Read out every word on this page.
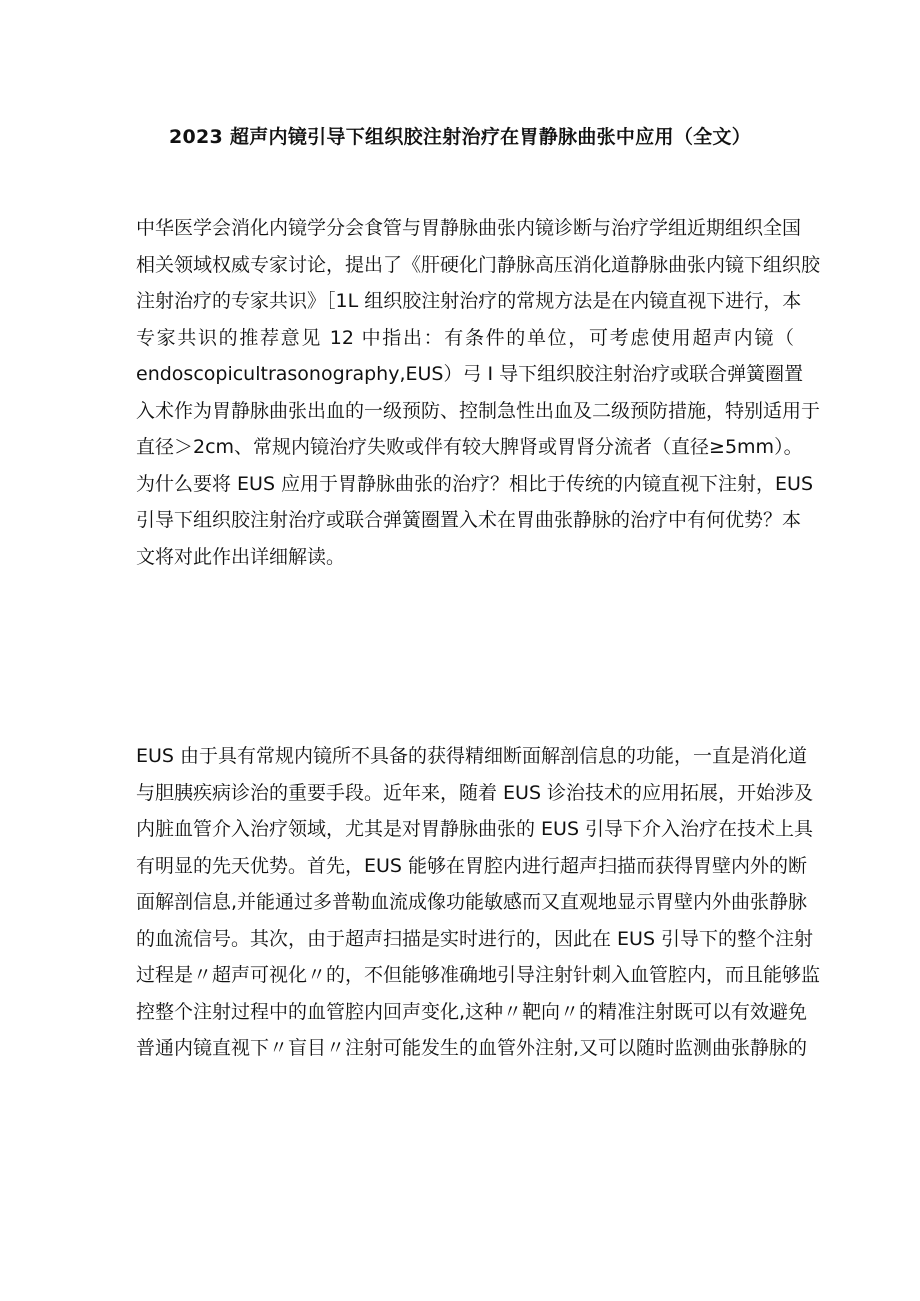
2023 超声内镜引导下组织胶注射治疗在胃静脉曲张中应用（全文）
中华医学会消化内镜学分会食管与胃静脉曲张内镜诊断与治疗学组近期组织全国
相关领域权威专家讨论，提出了《肝硬化门静脉高压消化道静脉曲张内镜下组织胶
注射治疗的专家共识》［1L 组织胶注射治疗的常规方法是在内镜直视下进行，本
专家共识的推荐意见 12 中指出：有条件的单位，可考虑使用超声内镜（
endoscopicultrasonography,EUS）弓 I 导下组织胶注射治疗或联合弹簧圈置
入术作为胃静脉曲张出血的一级预防、控制急性出血及二级预防措施，特别适用于
直径＞2cm、常规内镜治疗失败或伴有较大脾肾或胃肾分流者（直径≥5mm）。
为什么要将 EUS 应用于胃静脉曲张的治疗？相比于传统的内镜直视下注射，EUS
引导下组织胶注射治疗或联合弹簧圈置入术在胃曲张静脉的治疗中有何优势？本
文将对此作出详细解读。
EUS 由于具有常规内镜所不具备的获得精细断面解剖信息的功能，一直是消化道
与胆胰疾病诊治的重要手段。近年来，随着 EUS 诊治技术的应用拓展，开始涉及
内脏血管介入治疗领域，尤其是对胃静脉曲张的 EUS 引导下介入治疗在技术上具
有明显的先天优势。首先，EUS 能够在胃腔内进行超声扫描而获得胃壁内外的断
面解剖信息,并能通过多普勒血流成像功能敏感而又直观地显示胃壁内外曲张静脉
的血流信号。其次，由于超声扫描是实时进行的，因此在 EUS 引导下的整个注射
过程是〃超声可视化〃的，不但能够准确地引导注射针刺入血管腔内，而且能够监
控整个注射过程中的血管腔内回声变化,这种〃靶向〃的精准注射既可以有效避免
普通内镜直视下〃盲目〃注射可能发生的血管外注射,又可以随时监测曲张静脉的
